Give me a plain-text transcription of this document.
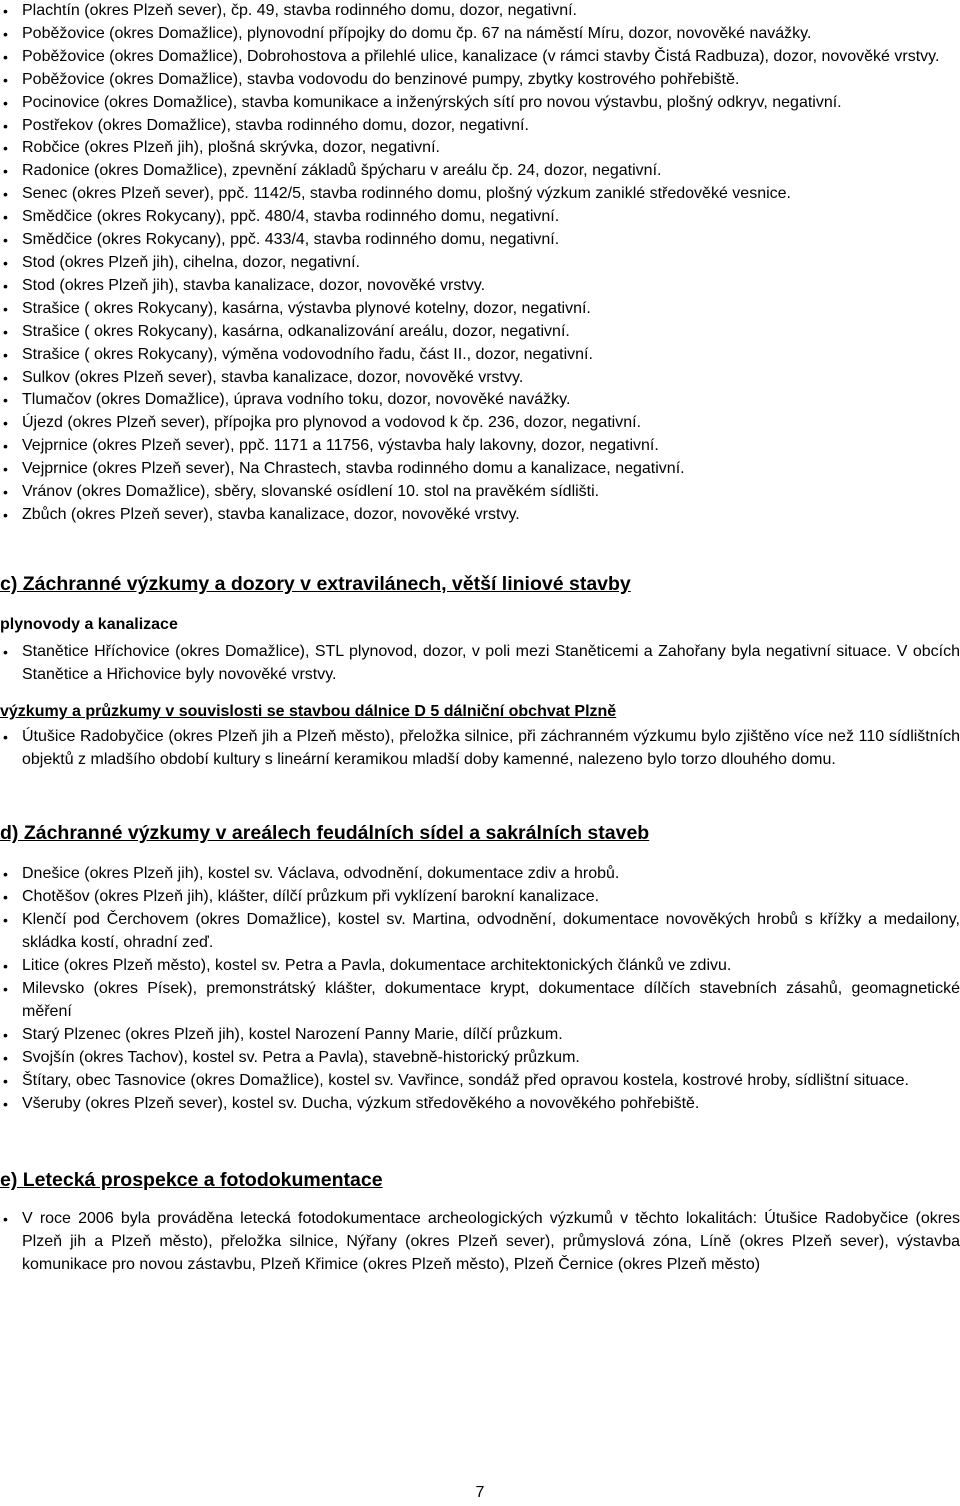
• Plachtín (okres Plzeň sever), čp. 49, stavba rodinného domu, dozor, negativní.
• Poběžovice (okres Domažlice), plynovodní přípojky do domu čp. 67 na náměstí Míru, dozor, novověké navážky.
• Poběžovice (okres Domažlice), Dobrohostova a přilehlé ulice, kanalizace (v rámci stavby Čistá Radbuza), dozor, novověké vrstvy.
• Poběžovice (okres Domažlice), stavba vodovodu do benzinové pumpy, zbytky kostrového pohřebiště.
• Pocinovice (okres Domažlice), stavba komunikace a inženýrských sítí pro novou výstavbu, plošný odkryv, negativní.
• Postřekov (okres Domažlice), stavba rodinného domu, dozor, negativní.
• Robčice (okres Plzeň jih), plošná skrývka, dozor, negativní.
• Radonice (okres Domažlice), zpevnění základů špýcharu v areálu čp. 24, dozor, negativní.
• Senec (okres Plzeň sever), ppč. 1142/5, stavba rodinného domu, plošný výzkum zaniklé středověké vesnice.
• Smědčice (okres Rokycany), ppč. 480/4, stavba rodinného domu, negativní.
• Smědčice (okres Rokycany), ppč. 433/4, stavba rodinného domu, negativní.
• Stod (okres Plzeň jih), cihelna, dozor, negativní.
• Stod (okres Plzeň jih), stavba kanalizace, dozor, novověké vrstvy.
• Strašice ( okres Rokycany), kasárna, výstavba plynové kotelny, dozor, negativní.
• Strašice ( okres Rokycany), kasárna, odkanalizování areálu, dozor, negativní.
• Strašice ( okres Rokycany), výměna vodovodního řadu, část II., dozor, negativní.
• Sulkov (okres Plzeň sever), stavba kanalizace, dozor, novověké vrstvy.
• Tlumačov (okres Domažlice), úprava vodního toku, dozor, novověké navážky.
• Újezd (okres Plzeň sever), přípojka pro plynovod a vodovod k čp. 236, dozor, negativní.
• Vejprnice (okres Plzeň sever), ppč. 1171 a 11756, výstavba haly lakovny, dozor, negativní.
• Vejprnice (okres Plzeň sever), Na Chrastech, stavba rodinného domu a kanalizace, negativní.
• Vránov (okres Domažlice), sběry, slovanské osídlení 10. stol na pravěkém sídlišti.
• Zbůch (okres Plzeň sever), stavba kanalizace, dozor, novověké vrstvy.
c) Záchranné výzkumy a dozory v extravilánech, větší liniové stavby
plynovody a kanalizace
• Stanětice Hříchovice (okres Domažlice), STL plynovod, dozor, v poli mezi Staněticemi a Zahořany byla negativní situace. V obcích Stanětice a Hřichovice byly novověké vrstvy.
výzkumy a průzkumy v souvislosti se stavbou dálnice D 5 dálniční obchvat Plzně
• Útušice Radobyčice (okres Plzeň jih a Plzeň město), přeložka silnice, při záchranném výzkumu bylo zjištěno více než 110 sídlištních objektů z mladšího období kultury s lineární keramikou mladší doby kamenné, nalezeno bylo torzo dlouhého domu.
d) Záchranné výzkumy v areálech feudálních sídel a sakrálních staveb
• Dnešice (okres Plzeň jih), kostel sv. Václava, odvodnění, dokumentace zdiv a hrobů.
• Chotěšov (okres Plzeň jih), klášter, dílčí průzkum při vyklízení barokní kanalizace.
• Klenčí pod Čerchovem (okres Domažlice), kostel sv. Martina, odvodnění, dokumentace novověkých hrobů s křížky a medailony, skládka kostí, ohradní zeď.
• Litice (okres Plzeň město), kostel sv. Petra a Pavla, dokumentace architektonických článků ve zdivu.
• Milevsko (okres Písek), premonstrátský klášter, dokumentace krypt, dokumentace dílčích stavebních zásahů, geomagnetické měření
• Starý Plzenec (okres Plzeň jih), kostel Narození Panny Marie, dílčí průzkum.
• Svojšín (okres Tachov), kostel sv. Petra a Pavla), stavebně-historický průzkum.
• Štítary, obec Tasnovice (okres Domažlice), kostel sv. Vavřince, sondáž před opravou kostela, kostrové hroby, sídlištní situace.
• Všeruby (okres Plzeň sever), kostel sv. Ducha, výzkum středověkého a novověkého pohřebiště.
e) Letecká prospekce a fotodokumentace
• V roce 2006 byla prováděna letecká fotodokumentace archeologických výzkumů v těchto lokalitách: Útušice Radobyčice (okres Plzeň jih a Plzeň město), přeložka silnice, Nýřany (okres Plzeň sever), průmyslová zóna, Líně (okres Plzeň sever), výstavba komunikace pro novou zástavbu, Plzeň Křimice (okres Plzeň město), Plzeň Černice (okres Plzeň město)
7
